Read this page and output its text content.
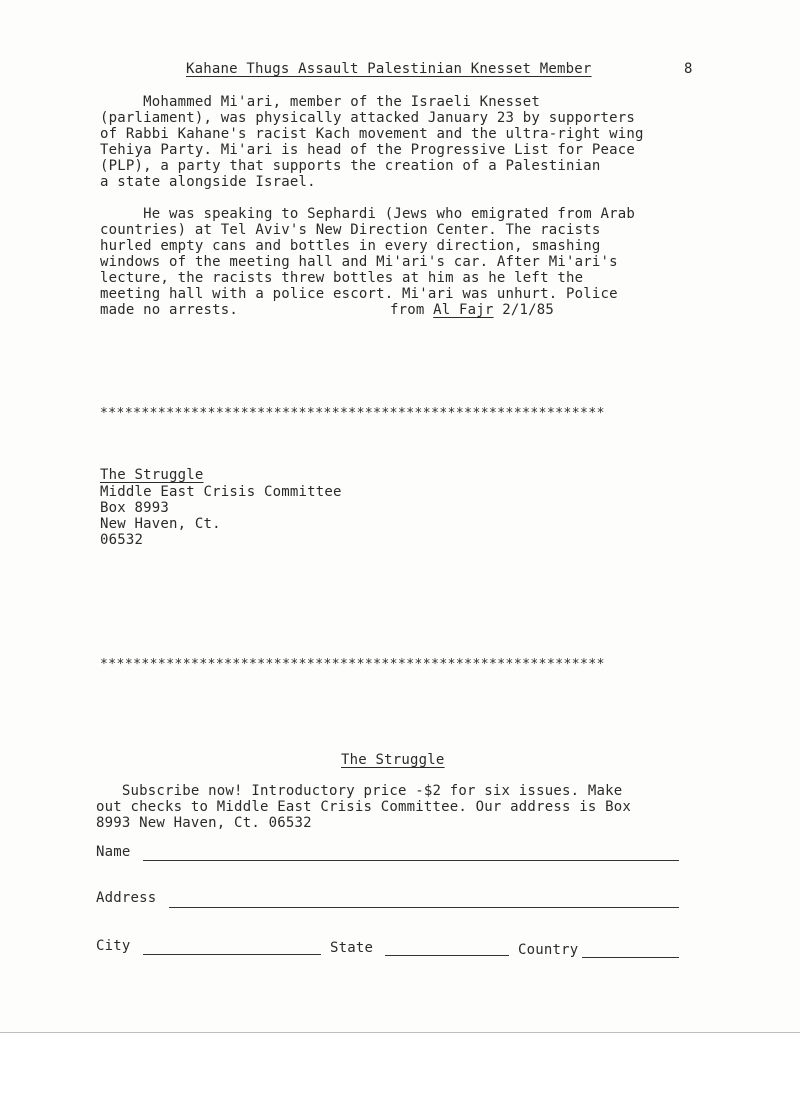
Kahane Thugs Assault Palestinian Knesset Member	8
Mohammed Mi'ari, member of the Israeli Knesset
(parliament), was physically attacked January 23 by supporters
of Rabbi Kahane's racist Kach movement and the ultra-right wing
Tehiya Party. Mi'ari is head of the Progressive List for Peace
(PLP), a party that supports the creation of a Palestinian
a state alongside Israel.
He was speaking to Sephardi (Jews who emigrated from Arab
countries) at Tel Aviv's New Direction Center. The racists
hurled empty cans and bottles in every direction, smashing
windows of the meeting hall and Mi'ari's car. After Mi'ari's
lecture, the racists threw bottles at him as he left the
meeting hall with a police escort. Mi'ari was unhurt. Police
made no arrests.	from Al Fajr 2/1/85
*************************************************************
The Struggle
Middle East Crisis Committee
Box 8993
New Haven, Ct.
06532
*************************************************************
The Struggle
Subscribe now! Introductory price -$2 for six issues. Make
out checks to Middle East Crisis Committee. Our address is Box
8993 New Haven, Ct. 06532
Name
Address
City	State	Country
